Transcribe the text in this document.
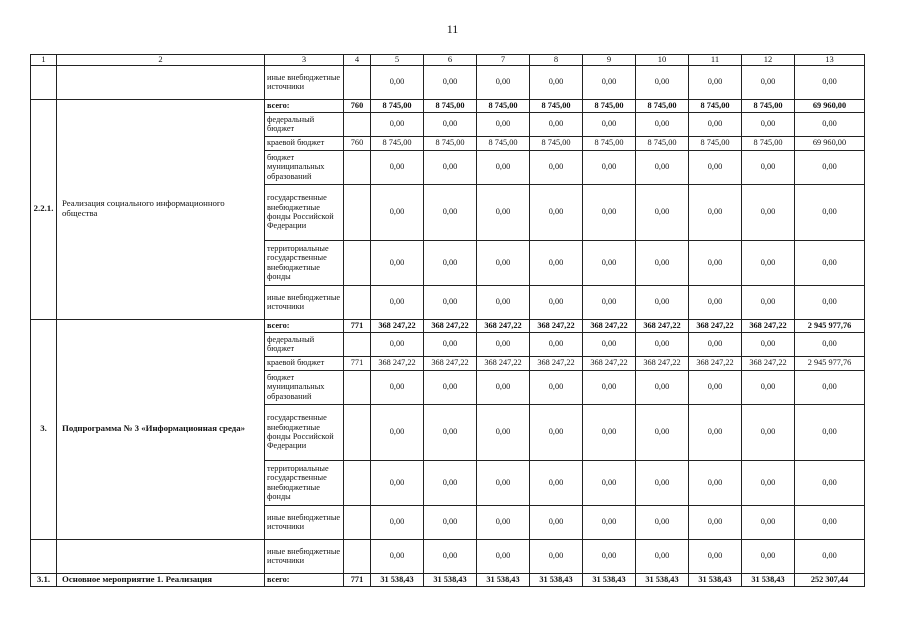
11
1	2	3	4	5	6	7	8	9	10	11	12	13
		иные внебюджетные источники		0,00	0,00	0,00	0,00	0,00	0,00	0,00	0,00	0,00
2.2.1.	Реализация социального информационного общества	всего:	760	8 745,00	8 745,00	8 745,00	8 745,00	8 745,00	8 745,00	8 745,00	8 745,00	69 960,00
		федеральный бюджет		0,00	0,00	0,00	0,00	0,00	0,00	0,00	0,00	0,00
		краевой бюджет	760	8 745,00	8 745,00	8 745,00	8 745,00	8 745,00	8 745,00	8 745,00	8 745,00	69 960,00
		бюджет муниципальных образований		0,00	0,00	0,00	0,00	0,00	0,00	0,00	0,00	0,00
		государственные внебюджетные фонды Российской Федерации		0,00	0,00	0,00	0,00	0,00	0,00	0,00	0,00	0,00
		территориальные государственные внебюджетные фонды		0,00	0,00	0,00	0,00	0,00	0,00	0,00	0,00	0,00
		иные внебюджетные источники		0,00	0,00	0,00	0,00	0,00	0,00	0,00	0,00	0,00
3.	Подпрограмма № 3 «Информационная среда»	всего:	771	368 247,22	368 247,22	368 247,22	368 247,22	368 247,22	368 247,22	368 247,22	368 247,22	2 945 977,76
		федеральный бюджет		0,00	0,00	0,00	0,00	0,00	0,00	0,00	0,00	0,00
		краевой бюджет	771	368 247,22	368 247,22	368 247,22	368 247,22	368 247,22	368 247,22	368 247,22	368 247,22	2 945 977,76
		бюджет муниципальных образований		0,00	0,00	0,00	0,00	0,00	0,00	0,00	0,00	0,00
		государственные внебюджетные фонды Российской Федерации		0,00	0,00	0,00	0,00	0,00	0,00	0,00	0,00	0,00
		территориальные государственные внебюджетные фонды		0,00	0,00	0,00	0,00	0,00	0,00	0,00	0,00	0,00
		иные внебюджетные источники		0,00	0,00	0,00	0,00	0,00	0,00	0,00	0,00	0,00
		иные внебюджетные источники		0,00	0,00	0,00	0,00	0,00	0,00	0,00	0,00	0,00
3.1.	Основное мероприятие 1. Реализация	всего:	771	31 538,43	31 538,43	31 538,43	31 538,43	31 538,43	31 538,43	31 538,43	31 538,43	252 307,44
